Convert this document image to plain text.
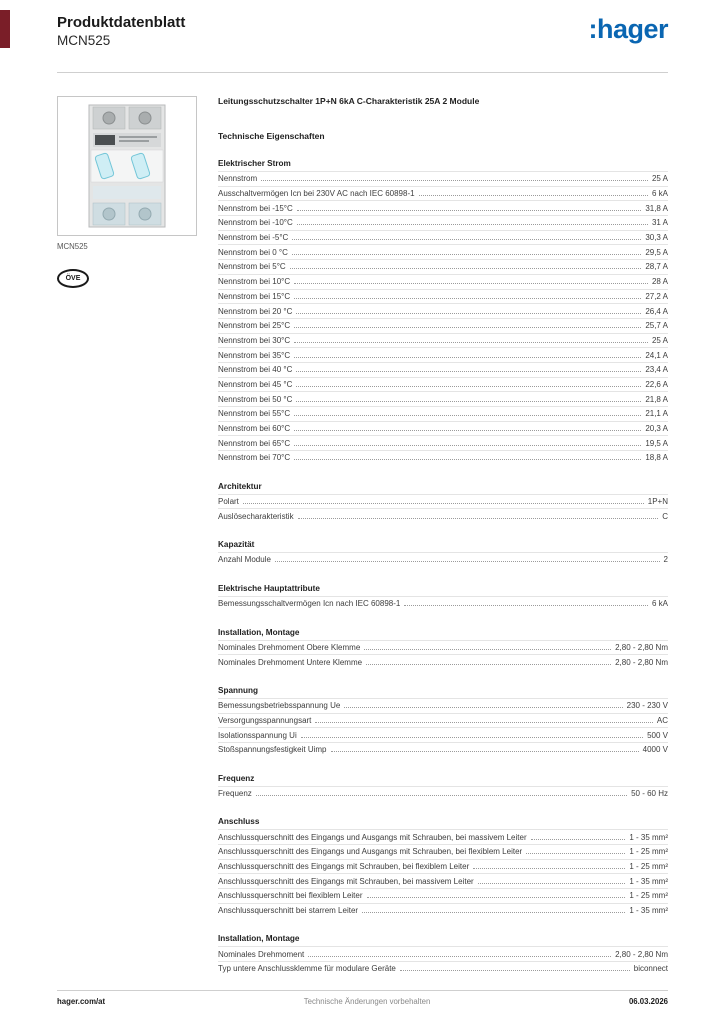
Produktdatenblatt
MCN525	:hager
MCN525
ÖVE
Leitungsschutzschalter 1P+N 6kA C-Charakteristik 25A 2 Module
Technische Eigenschaften
Elektrischer Strom
Nennstrom	25 A
Ausschaltvermögen Icn bei 230V AC nach IEC 60898-1	6 kA
Nennstrom bei -15°C	31,8 A
Nennstrom bei -10°C	31 A
Nennstrom bei -5°C	30,3 A
Nennstrom bei 0 °C	29,5 A
Nennstrom bei 5°C	28,7 A
Nennstrom bei 10°C	28 A
Nennstrom bei 15°C	27,2 A
Nennstrom bei 20 °C	26,4 A
Nennstrom bei 25°C	25,7 A
Nennstrom bei 30°C	25 A
Nennstrom bei 35°C	24,1 A
Nennstrom bei 40 °C	23,4 A
Nennstrom bei 45 °C	22,6 A
Nennstrom bei 50 °C	21,8 A
Nennstrom bei 55°C	21,1 A
Nennstrom bei 60°C	20,3 A
Nennstrom bei 65°C	19,5 A
Nennstrom bei 70°C	18,8 A
Architektur
Polart	1P+N
Auslösecharakteristik	C
Kapazität
Anzahl Module	2
Elektrische Hauptattribute
Bemessungsschaltvermögen Icn nach IEC 60898-1	6 kA
Installation, Montage
Nominales Drehmoment Obere Klemme	2,80 - 2,80 Nm
Nominales Drehmoment Untere Klemme	2,80 - 2,80 Nm
Spannung
Bemessungsbetriebsspannung Ue	230 - 230 V
Versorgungsspannungsart	AC
Isolationsspannung Ui	500 V
Stoßspannungsfestigkeit Uimp	4000 V
Frequenz
Frequenz	50 - 60 Hz
Anschluss
Anschlussquerschnitt des Eingangs und Ausgangs mit Schrauben, bei massivem Leiter	1 - 35 mm²
Anschlussquerschnitt des Eingangs und Ausgangs mit Schrauben, bei flexiblem Leiter	1 - 25 mm²
Anschlussquerschnitt des Eingangs mit Schrauben, bei flexiblem Leiter	1 - 25 mm²
Anschlussquerschnitt des Eingangs mit Schrauben, bei massivem Leiter	1 - 35 mm²
Anschlussquerschnitt bei flexiblem Leiter	1 - 25 mm²
Anschlussquerschnitt bei starrem Leiter	1 - 35 mm²
Installation, Montage
Nominales Drehmoment	2,80 - 2,80 Nm
Typ untere Anschlussklemme für modulare Geräte	biconnect
hager.com/at	Technische Änderungen vorbehalten	06.03.2026
